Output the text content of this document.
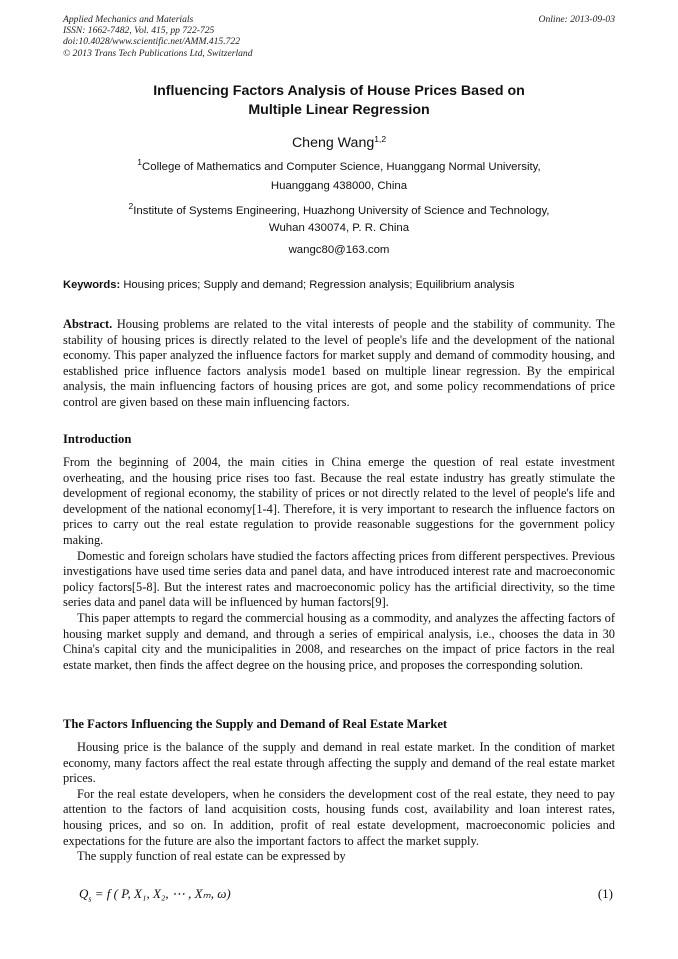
Applied Mechanics and Materials	Online: 2013-09-03
ISSN: 1662-7482, Vol. 415, pp 722-725
doi:10.4028/www.scientific.net/AMM.415.722
© 2013 Trans Tech Publications Ltd, Switzerland
Influencing Factors Analysis of House Prices Based on
Multiple Linear Regression
Cheng Wang$^{1,2}$
$^1$College of Mathematics and Computer Science, Huanggang Normal University,
Huanggang 438000, China
$^2$Institute of Systems Engineering, Huazhong University of Science and Technology,
Wuhan 430074, P. R. China
wangc80@163.com
Keywords: Housing prices; Supply and demand; Regression analysis; Equilibrium analysis

Abstract. Housing problems are related to the vital interests of people and the stability of community. The stability of housing prices is directly related to the level of people's life and the development of the national economy. This paper analyzed the influence factors for market supply and demand of commodity housing, and established price influence factors analysis mode1 based on multiple linear regression. By the empirical analysis, the main influencing factors of housing prices are got, and some policy recommendations of price control are given based on these main influencing factors.

Introduction

From the beginning of 2004, the main cities in China emerge the question of real estate investment overheating, and the housing price rises too fast. Because the real estate industry has greatly stimulate the development of regional economy, the stability of prices or not directly related to the level of people's life and development of the national economy[1-4]. Therefore, it is very important to research the influence factors on prices to carry out the real estate regulation to provide reasonable suggestions for the government policy making.

Domestic and foreign scholars have studied the factors affecting prices from different perspectives. Previous investigations have used time series data and panel data, and have introduced interest rate and macroeconomic policy factors[5-8]. But the interest rates and macroeconomic policy has the artificial directivity, so the time series data and panel data will be influenced by human factors[9].

This paper attempts to regard the commercial housing as a commodity, and analyzes the affecting factors of housing market supply and demand, and through a series of empirical analysis, i.e., chooses the data in 30 China's capital city and the municipalities in 2008, and researches on the impact of price factors in the real estate market, then finds the affect degree on the housing price, and proposes the corresponding solution.

The Factors Influencing the Supply and Demand of Real Estate Market

Housing price is the balance of the supply and demand in real estate market. In the condition of market economy, many factors affect the real estate through affecting the supply and demand of the real estate market prices.

For the real estate developers, when he considers the development cost of the real estate, they need to pay attention to the factors of land acquisition costs, housing funds cost, availability and loan interest rates, housing prices, and so on. In addition, profit of real estate development, macroeconomic policies and expectations for the future are also the important factors to affect the market supply.

The supply function of real estate can be expressed by

$Q_s = f$ ( P, X₁, X₂, ⋯ , Xₘ, ω)	(1)
